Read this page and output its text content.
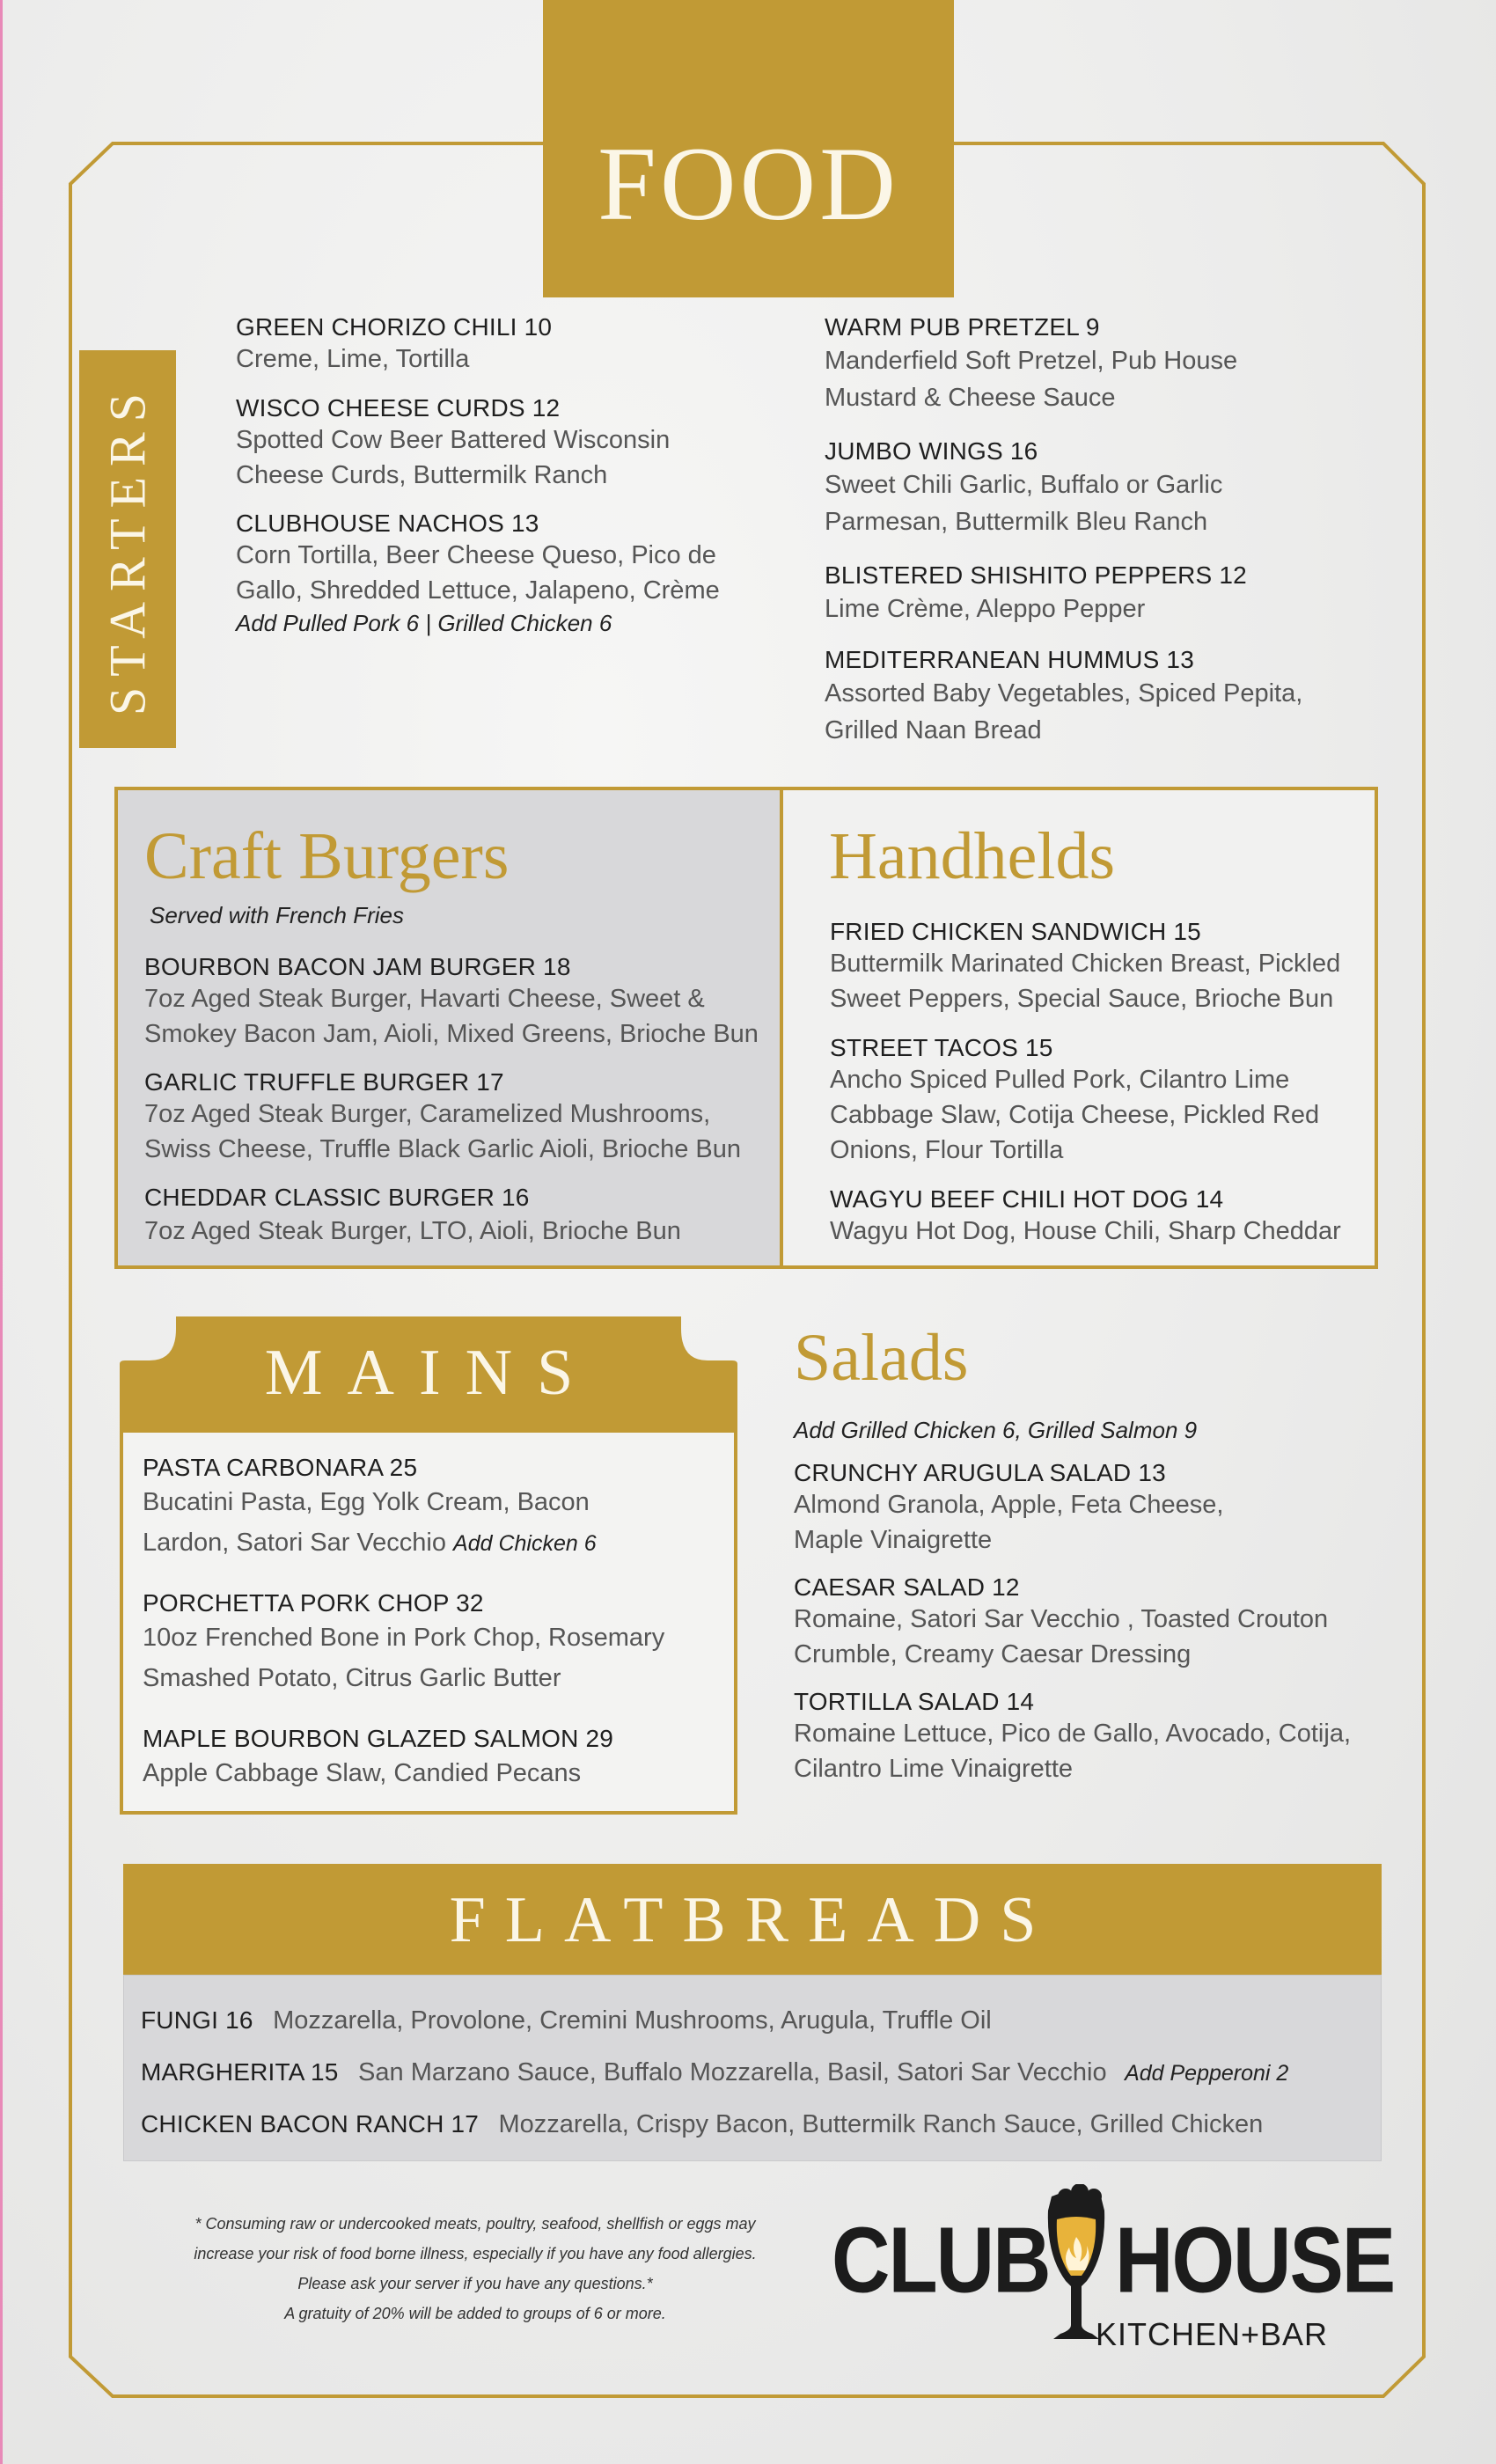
FOOD
STARTERS
GREEN CHORIZO CHILI 10
Creme, Lime, Tortilla
WISCO CHEESE CURDS 12
Spotted Cow Beer Battered Wisconsin
Cheese Curds, Buttermilk Ranch
CLUBHOUSE NACHOS 13
Corn Tortilla, Beer Cheese Queso, Pico de
Gallo, Shredded Lettuce, Jalapeno, Crème
Add Pulled Pork 6 | Grilled Chicken 6
WARM PUB PRETZEL 9
Manderfield Soft Pretzel, Pub House
Mustard & Cheese Sauce
JUMBO WINGS 16
Sweet Chili Garlic, Buffalo or Garlic
Parmesan, Buttermilk Bleu Ranch
BLISTERED SHISHITO PEPPERS 12
Lime Crème, Aleppo Pepper
MEDITERRANEAN HUMMUS 13
Assorted Baby Vegetables, Spiced Pepita,
Grilled Naan Bread
Craft Burgers
Served with French Fries
BOURBON BACON JAM BURGER 18
7oz Aged Steak Burger, Havarti Cheese, Sweet &
Smokey Bacon Jam, Aioli, Mixed Greens, Brioche Bun
GARLIC TRUFFLE BURGER 17
7oz Aged Steak Burger, Caramelized Mushrooms,
Swiss Cheese, Truffle Black Garlic Aioli, Brioche Bun
CHEDDAR CLASSIC BURGER 16
7oz Aged Steak Burger, LTO, Aioli, Brioche Bun
Handhelds
FRIED CHICKEN SANDWICH 15
Buttermilk Marinated Chicken Breast, Pickled
Sweet Peppers, Special Sauce, Brioche Bun
STREET TACOS 15
Ancho Spiced Pulled Pork, Cilantro Lime
Cabbage Slaw, Cotija Cheese, Pickled Red
Onions, Flour Tortilla
WAGYU BEEF CHILI HOT DOG 14
Wagyu Hot Dog, House Chili, Sharp Cheddar
MAINS
PASTA CARBONARA 25
Bucatini Pasta, Egg Yolk Cream, Bacon
Lardon, Satori Sar Vecchio Add Chicken 6
PORCHETTA PORK CHOP 32
10oz Frenched Bone in Pork Chop, Rosemary
Smashed Potato, Citrus Garlic Butter
MAPLE BOURBON GLAZED SALMON 29
Apple Cabbage Slaw, Candied Pecans
Salads
Add Grilled Chicken 6, Grilled Salmon 9
CRUNCHY ARUGULA SALAD 13
Almond Granola, Apple, Feta Cheese,
Maple Vinaigrette
CAESAR SALAD 12
Romaine, Satori Sar Vecchio , Toasted Crouton
Crumble, Creamy Caesar Dressing
TORTILLA SALAD 14
Romaine Lettuce, Pico de Gallo, Avocado, Cotija,
Cilantro Lime Vinaigrette
FLATBREADS
FUNGI 16 Mozzarella, Provolone, Cremini Mushrooms, Arugula, Truffle Oil
MARGHERITA 15 San Marzano Sauce, Buffalo Mozzarella, Basil, Satori Sar Vecchio Add Pepperoni 2
CHICKEN BACON RANCH 17 Mozzarella, Crispy Bacon, Buttermilk Ranch Sauce, Grilled Chicken
* Consuming raw or undercooked meats, poultry, seafood, shellfish or eggs may
increase your risk of food borne illness, especially if you have any food allergies.
Please ask your server if you have any questions.*
A gratuity of 20% will be added to groups of 6 or more.
CLUB HOUSE
KITCHEN+BAR
